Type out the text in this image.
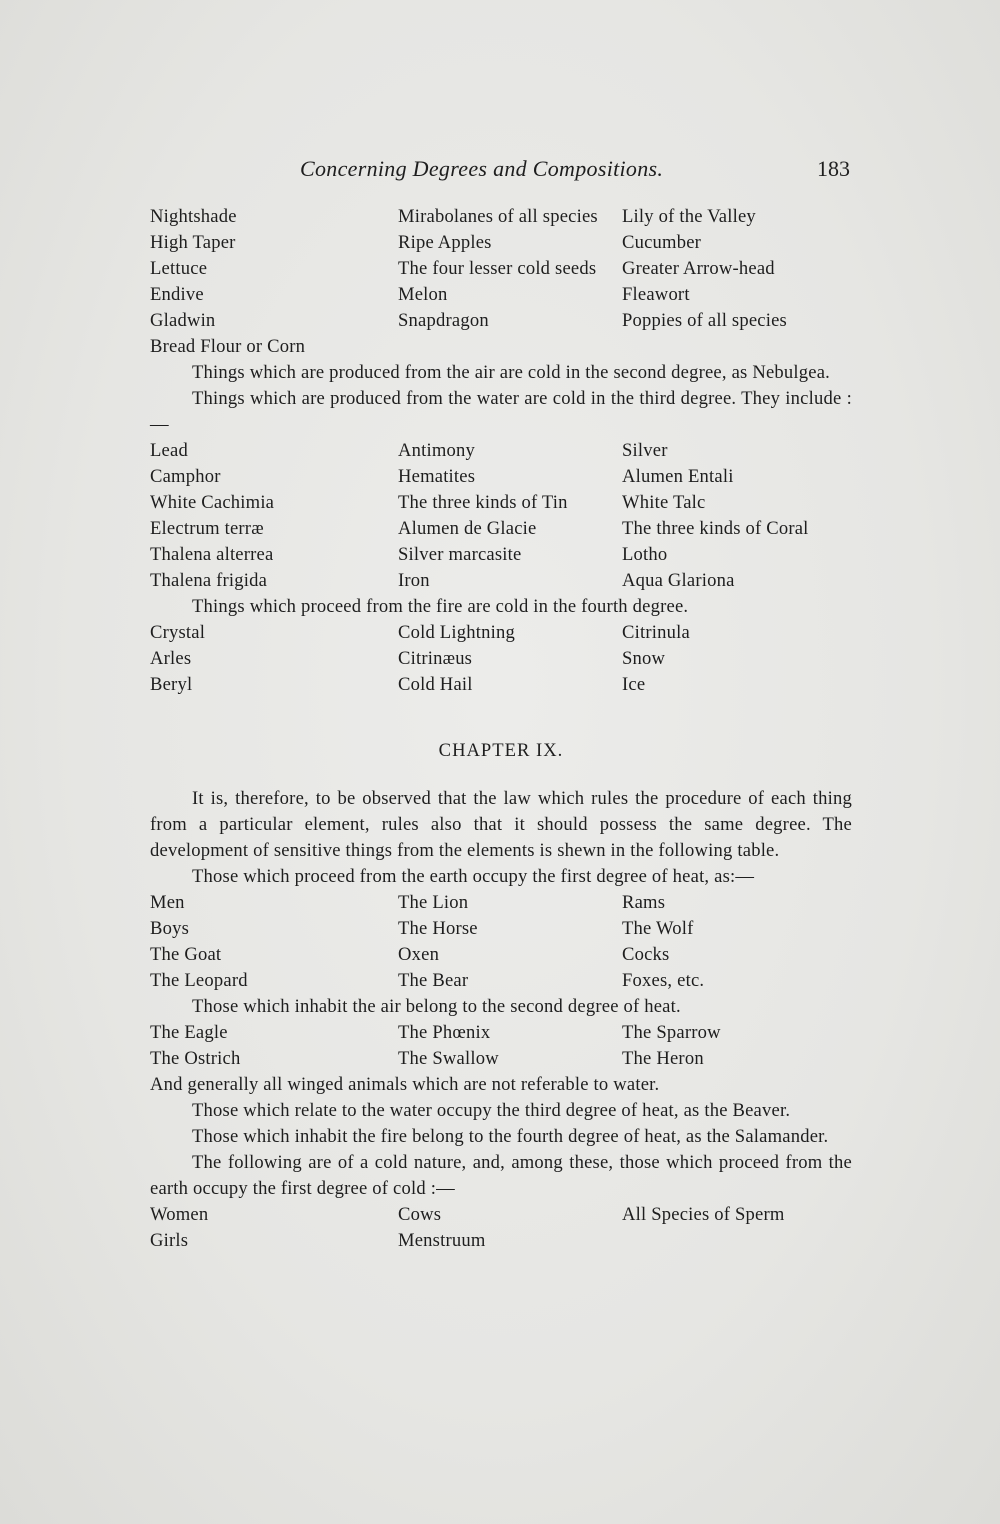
Concerning Degrees and Compositions.	183
Nightshade	Mirabolanes of all species	Lily of the Valley
High Taper	Ripe Apples	Cucumber
Lettuce	The four lesser cold seeds	Greater Arrow-head
Endive	Melon	Fleawort
Gladwin	Snapdragon	Poppies of all species
Bread Flour or Corn
Things which are produced from the air are cold in the second degree, as Nebulgea.
Things which are produced from the water are cold in the third degree. They include :—
Lead	Antimony	Silver
Camphor	Hematites	Alumen Entali
White Cachimia	The three kinds of Tin	White Talc
Electrum terræ	Alumen de Glacie	The three kinds of Coral
Thalena alterrea	Silver marcasite	Lotho
Thalena frigida	Iron	Aqua Glariona
Things which proceed from the fire are cold in the fourth degree.
Crystal	Cold Lightning	Citrinula
Arles	Citrinæus	Snow
Beryl	Cold Hail	Ice
CHAPTER IX.
It is, therefore, to be observed that the law which rules the procedure of each thing from a particular element, rules also that it should possess the same degree. The development of sensitive things from the elements is shewn in the following table.
Those which proceed from the earth occupy the first degree of heat, as:—
Men	The Lion	Rams
Boys	The Horse	The Wolf
The Goat	Oxen	Cocks
The Leopard	The Bear	Foxes, etc.
Those which inhabit the air belong to the second degree of heat.
The Eagle	The Phœnix	The Sparrow
The Ostrich	The Swallow	The Heron
And generally all winged animals which are not referable to water.
Those which relate to the water occupy the third degree of heat, as the Beaver.
Those which inhabit the fire belong to the fourth degree of heat, as the Salamander.
The following are of a cold nature, and, among these, those which proceed from the earth occupy the first degree of cold :—
Women	Cows	All Species of Sperm
Girls	Menstruum
